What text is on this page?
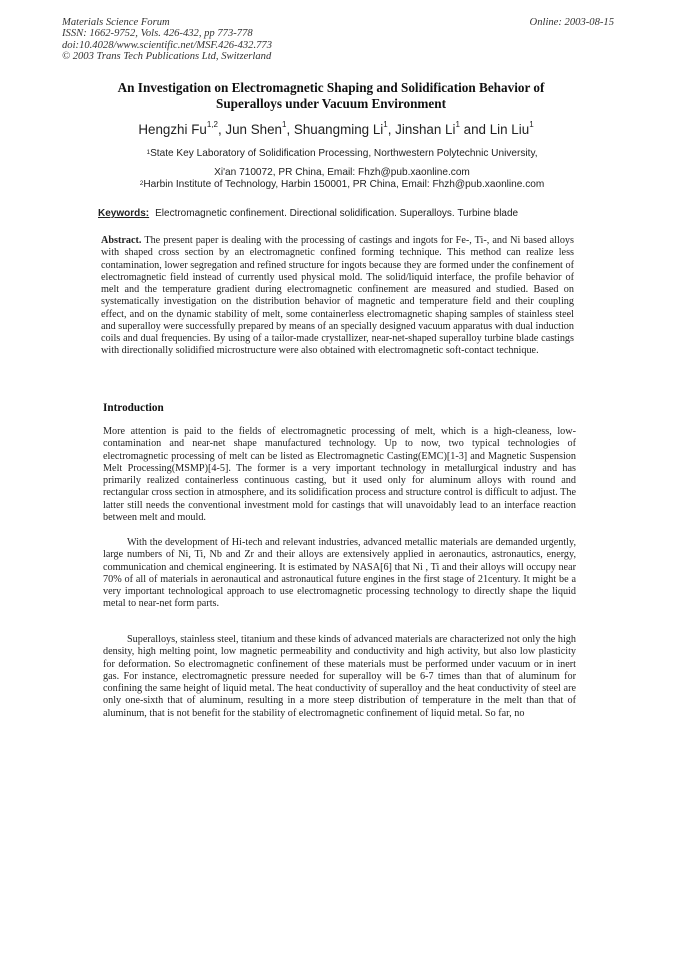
Materials Science Forum
ISSN: 1662-9752, Vols. 426-432, pp 773-778
doi:10.4028/www.scientific.net/MSF.426-432.773
© 2003 Trans Tech Publications Ltd, Switzerland
Online: 2003-08-15
An Investigation on Electromagnetic Shaping and Solidification Behavior of Superalloys under Vacuum Environment
Hengzhi Fu$^{1,2}$, Jun Shen$^1$, Shuangming Li$^1$, Jinshan Li$^1$ and Lin Liu$^1$
$^1$State Key Laboratory of Solidification Processing, Northwestern Polytechnic University,
Xi'an 710072, PR China, Email: Fhzh@pub.xaonline.com
$^2$Harbin Institute of Technology, Harbin 150001, PR China, Email: Fhzh@pub.xaonline.com
Keywords: Electromagnetic confinement. Directional solidification. Superalloys. Turbine blade
Abstract. The present paper is dealing with the processing of castings and ingots for Fe-, Ti-, and Ni based alloys with shaped cross section by an electromagnetic confined forming technique. This method can realize less contamination, lower segregation and refined structure for ingots because they are formed under the confinement of electromagnetic field instead of currently used physical mold. The solid/liquid interface, the profile behavior of melt and the temperature gradient during electromagnetic confinement are measured and studied. Based on systematically investigation on the distribution behavior of magnetic and temperature field and their coupling effect, and on the dynamic stability of melt, some containerless electromagnetic shaping samples of stainless steel and superalloy were successfully prepared by means of an specially designed vacuum apparatus with dual induction coils and dual frequencies. By using of a tailor-made crystallizer, near-net-shaped superalloy turbine blade castings with directionally solidified microstructure were also obtained with electromagnetic soft-contact technique.
Introduction

More attention is paid to the fields of electromagnetic processing of melt, which is a high-cleaness, low-contamination and near-net shape manufactured technology. Up to now, two typical technologies of electromagnetic processing of melt can be listed as Electromagnetic Casting(EMC)[1-3] and Magnetic Suspension Melt Processing(MSMP)[4-5]. The former is a very important technology in metallurgical industry and has primarily realized containerless continuous casting, but it used only for aluminum alloys with round and rectangular cross section in atmosphere, and its solidification process and structure control is difficult to adjust. The latter still needs the conventional investment mold for castings that will unavoidably lead to an interface reaction between melt and mould.

With the development of Hi-tech and relevant industries, advanced metallic materials are demanded urgently, large numbers of Ni, Ti, Nb and Zr and their alloys are extensively applied in aeronautics, astronautics, energy, communication and chemical engineering. It is estimated by NASA[6] that Ni , Ti and their alloys will occupy near 70% of all of materials in aeronautical and astronautical future engines in the first stage of 21century. It might be a very important technological approach to use electromagnetic processing technology to directly shape the liquid metal to near-net form parts.

Superalloys, stainless steel, titanium and these kinds of advanced materials are characterized not only the high density, high melting point, low magnetic permeability and conductivity and high activity, but also low plasticity for deformation. So electromagnetic confinement of these materials must be performed under vacuum or in inert gas. For instance, electromagnetic pressure needed for superalloy will be 6-7 times than that of aluminum for confining the same height of liquid metal. The heat conductivity of superalloy and the heat conductivity of steel are only one-sixth that of aluminum, resulting in a more steep distribution of temperature in the melt than that of aluminum, that is not benefit for the stability of electromagnetic confinement of liquid metal. So far, no
